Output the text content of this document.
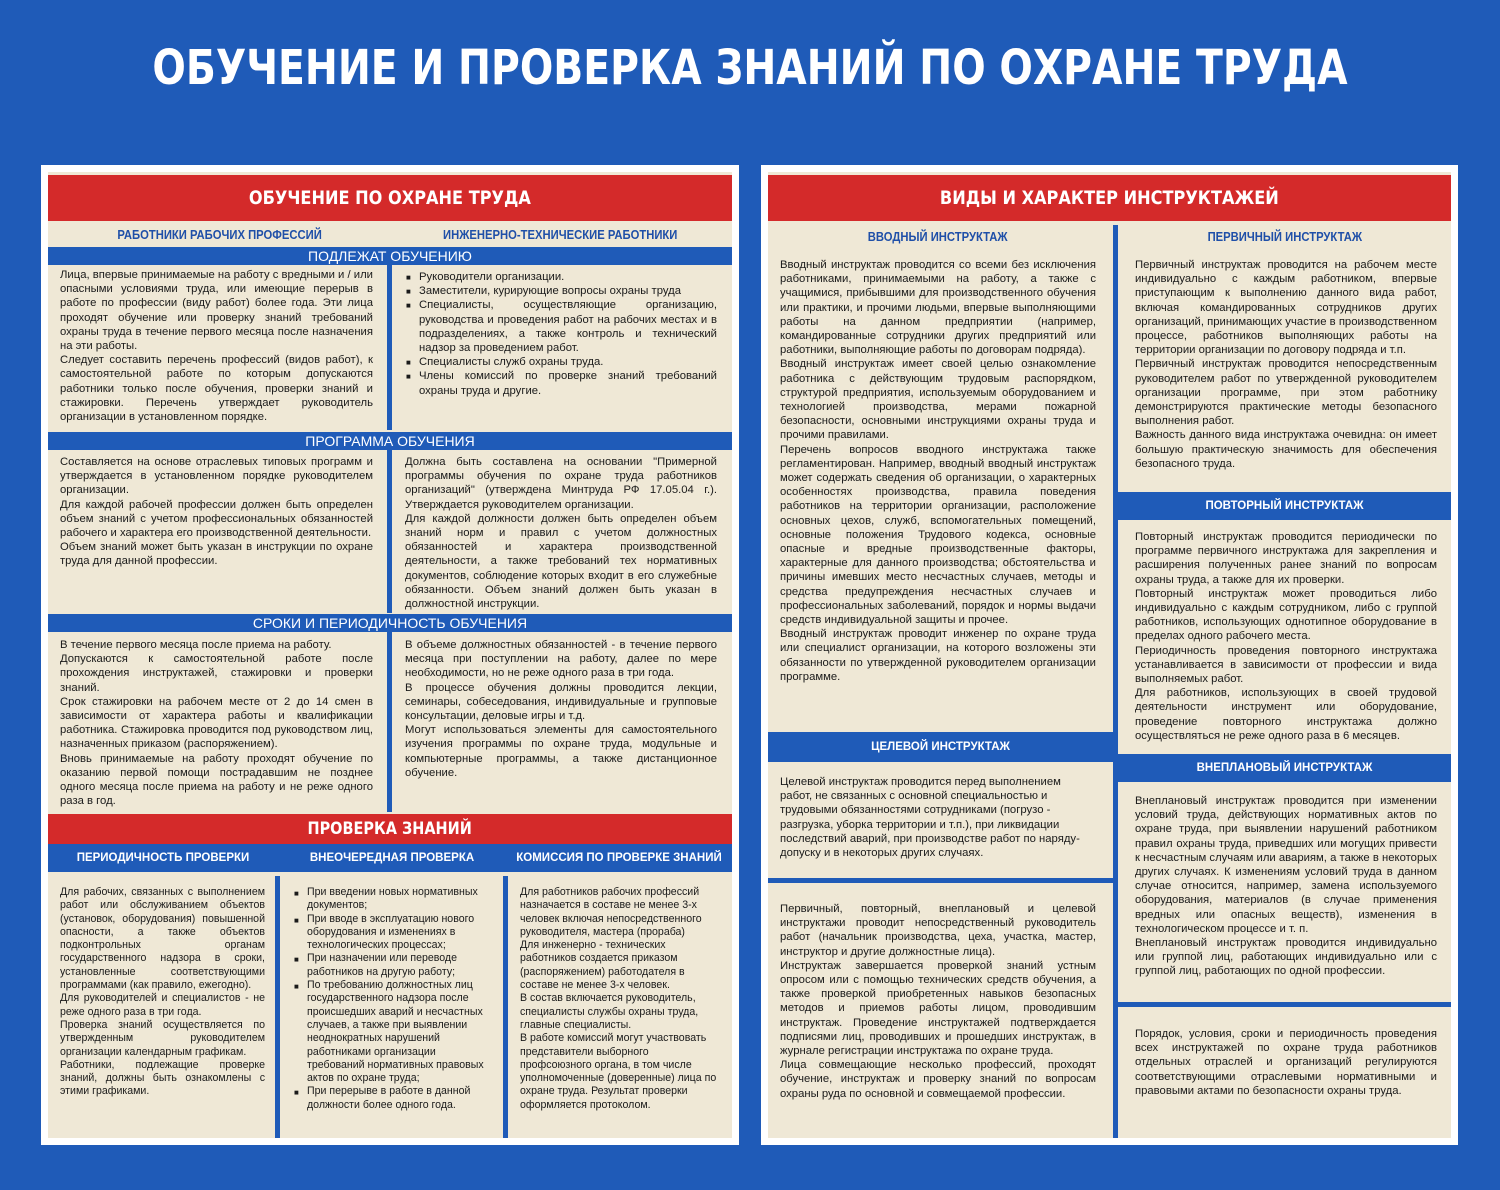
ОБУЧЕНИЕ И ПРОВЕРКА ЗНАНИЙ ПО ОХРАНЕ ТРУДА
ОБУЧЕНИЕ ПО ОХРАНЕ ТРУДА
РАБОТНИКИ РАБОЧИХ ПРОФЕССИЙ	ИНЖЕНЕРНО-ТЕХНИЧЕСКИЕ РАБОТНИКИ
ПОДЛЕЖАТ ОБУЧЕНИЮ
Лица, впервые принимаемые на работу с вредными и / или опасными условиями труда, или имеющие перерыв в работе по профессии (виду работ) более года. Эти лица проходят обучение или проверку знаний требований охраны труда в течение первого месяца после назначения на эти работы.
Следует составить перечень профессий (видов работ), к самостоятельной работе по которым допускаются работники только после обучения, проверки знаний и стажировки. Перечень утверждает руководитель организации в установленном порядке.
■ Руководители организации.
■ Заместители, курирующие вопросы охраны труда
■ Специалисты, осуществляющие организацию, руководства и проведения работ на рабочих местах и в подразделениях, а также контроль и технический надзор за проведением работ.
■ Специалисты служб охраны труда.
■ Члены комиссий по проверке знаний требований охраны труда и другие.
ПРОГРАММА ОБУЧЕНИЯ
Составляется на основе отраслевых типовых программ и утверждается в установленном порядке руководителем организации.
Для каждой рабочей профессии должен быть определен объем знаний с учетом профессиональных обязанностей рабочего и характера его производственной деятельности.
Объем знаний может быть указан в инструкции по охране труда для данной профессии.
Должна быть составлена на основании "Примерной программы обучения по охране труда работников организаций" (утверждена Минтруда РФ 17.05.04 г.). Утверждается руководителем организации.
Для каждой должности должен быть определен объем знаний норм и правил с учетом должностных обязанностей и характера производственной деятельности, а также требований тех нормативных документов, соблюдение которых входит в его служебные обязанности. Объем знаний должен быть указан в должностной инструкции.
СРОКИ И ПЕРИОДИЧНОСТЬ ОБУЧЕНИЯ
В течение первого месяца после приема на работу.
Допускаются к самостоятельной работе после прохождения инструктажей, стажировки и проверки знаний.
Срок стажировки на рабочем месте от 2 до 14 смен в зависимости от характера работы и квалификации работника. Стажировка проводится под руководством лиц, назначенных приказом (распоряжением).
Вновь принимаемые на работу проходят обучение по оказанию первой помощи пострадавшим не позднее одного месяца после приема на работу и не реже одного раза в год.
В объеме должностных обязанностей - в течение первого месяца при поступлении на работу, далее по мере необходимости, но не реже одного раза в три года.
В процессе обучения должны проводится лекции, семинары, собеседования, индивидуальные и групповые консультации, деловые игры и т.д.
Могут использоваться элементы для самостоятельного изучения программы по охране труда, модульные и компьютерные программы, а также дистанционное обучение.
ПРОВЕРКА ЗНАНИЙ
ПЕРИОДИЧНОСТЬ ПРОВЕРКИ	ВНЕОЧЕРЕДНАЯ ПРОВЕРКА	КОМИССИЯ ПО ПРОВЕРКЕ ЗНАНИЙ
Для рабочих, связанных с выполнением работ или обслуживанием объектов (установок, оборудования) повышенной опасности, а также объектов подконтрольных органам государственного надзора в сроки, установленные соответствующими программами (как правило, ежегодно).
Для руководителей и специалистов - не реже одного раза в три года.
Проверка знаний осуществляется по утвержденным руководителем организации календарным графикам.
Работники, подлежащие проверке знаний, должны быть ознакомлены с этими графиками.
■ При введении новых нормативных документов;
■ При вводе в эксплуатацию нового оборудования и изменениях в технологических процессах;
■ При назначении или переводе работников на другую работу;
■ По требованию должностных лиц государственного надзора после происшедших аварий и несчастных случаев, а также при выявлении неоднократных нарушений работниками организации требований нормативных правовых актов по охране труда;
■ При перерыве в работе в данной должности более одного года.
Для работников рабочих профессий назначается в составе не менее 3-х человек включая непосредственного руководителя, мастера (прораба)
Для инженерно - технических работников создается приказом (распоряжением) работодателя в составе не менее 3-х человек.
В состав включается руководитель, специалисты службы охраны труда, главные специалисты.
В работе комиссий могут участвовать представители выборного профсоюзного органа, в том числе уполномоченные (доверенные) лица по охране труда. Результат проверки оформляется протоколом.
ВИДЫ И ХАРАКТЕР ИНСТРУКТАЖЕЙ
ВВОДНЫЙ ИНСТРУКТАЖ
Вводный инструктаж проводится со всеми без исключения работниками, принимаемыми на работу, а также с учащимися, прибывшими для производственного обучения или практики, и прочими людьми, впервые выполняющими работы на данном предприятии (например, командированные сотрудники других предприятий или работники, выполняющие работы по договорам подряда).
Вводный инструктаж имеет своей целью ознакомление работника с действующим трудовым распорядком, структурой предприятия, используемым оборудованием и технологией производства, мерами пожарной безопасности, основными инструкциями охраны труда и прочими правилами.
Перечень вопросов вводного инструктажа также регламентирован. Например, вводный вводный инструктаж может содержать сведения об организации, о характерных особенностях производства, правила поведения работников на территории организации, расположение основных цехов, служб, вспомогательных помещений, основные положения Трудового кодекса, основные опасные и вредные производственные факторы, характерные для данного производства; обстоятельства и причины имевших место несчастных случаев, методы и средства предупреждения несчастных случаев и профессиональных заболеваний, порядок и нормы выдачи средств индивидуальной защиты и прочее.
Вводный инструктаж проводит инженер по охране труда или специалист организации, на которого возложены эти обязанности по утвержденной руководителем организации программе.
ЦЕЛЕВОЙ ИНСТРУКТАЖ
Целевой инструктаж проводится перед выполнением работ, не связанных с основной специальностью и трудовыми обязанностями сотрудниками (погрузо - разгрузка, уборка территории и т.п.), при ликвидации последствий аварий, при производстве работ по наряду-допуску и в некоторых других случаях.
Первичный, повторный, внеплановый и целевой инструктажи проводит непосредственный руководитель работ (начальник производства, цеха, участка, мастер, инструктор и другие должностные лица).
Инструктаж завершается проверкой знаний устным опросом или с помощью технических средств обучения, а также проверкой приобретенных навыков безопасных методов и приемов работы лицом, проводившим инструктаж. Проведение инструктажей подтверждается подписями лиц, проводивших и прошедших инструктаж, в журнале регистрации инструктажа по охране труда.
Лица совмещающие несколько профессий, проходят обучение, инструктаж и проверку знаний по вопросам охраны руда по основной и совмещаемой профессии.
ПЕРВИЧНЫЙ ИНСТРУКТАЖ
Первичный инструктаж проводится на рабочем месте индивидуально с каждым работником, впервые приступающим к выполнению данного вида работ, включая командированных сотрудников других организаций, принимающих участие в производственном процессе, работников выполняющих работы на территории организации по договору подряда и т.п.
Первичный инструктаж проводится непосредственным руководителем работ по утвержденной руководителем организации программе, при этом работнику демонстрируются практические методы безопасного выполнения работ.
Важность данного вида инструктажа очевидна: он имеет большую практическую значимость для обеспечения безопасного труда.
ПОВТОРНЫЙ ИНСТРУКТАЖ
Повторный инструктаж проводится периодически по программе первичного инструктажа для закрепления и расширения полученных ранее знаний по вопросам охраны труда, а также для их проверки.
Повторный инструктаж может проводиться либо индивидуально с каждым сотрудником, либо с группой работников, использующих однотипное оборудование в пределах одного рабочего места.
Периодичность проведения повторного инструктажа устанавливается в зависимости от профессии и вида выполняемых работ.
Для работников, использующих в своей трудовой деятельности инструмент или оборудование, проведение повторного инструктажа должно осуществляться не реже одного раза в 6 месяцев.
ВНЕПЛАНОВЫЙ ИНСТРУКТАЖ
Внеплановый инструктаж проводится при изменении условий труда, действующих нормативных актов по охране труда, при выявлении нарушений работником правил охраны труда, приведших или могущих привести к несчастным случаям или авариям, а также в некоторых других случаях. К изменениям условий труда в данном случае относится, например, замена используемого оборудования, материалов (в случае применения вредных или опасных веществ), изменения в технологическом процессе и т. п.
Внеплановый инструктаж проводится индивидуально или группой лиц, работающих индивидуально или с группой лиц, работающих по одной профессии.
Порядок, условия, сроки и периодичность проведения всех инструктажей по охране труда работников отдельных отраслей и организаций регулируются соответствующими отраслевыми нормативными и правовыми актами по безопасности охраны труда.
